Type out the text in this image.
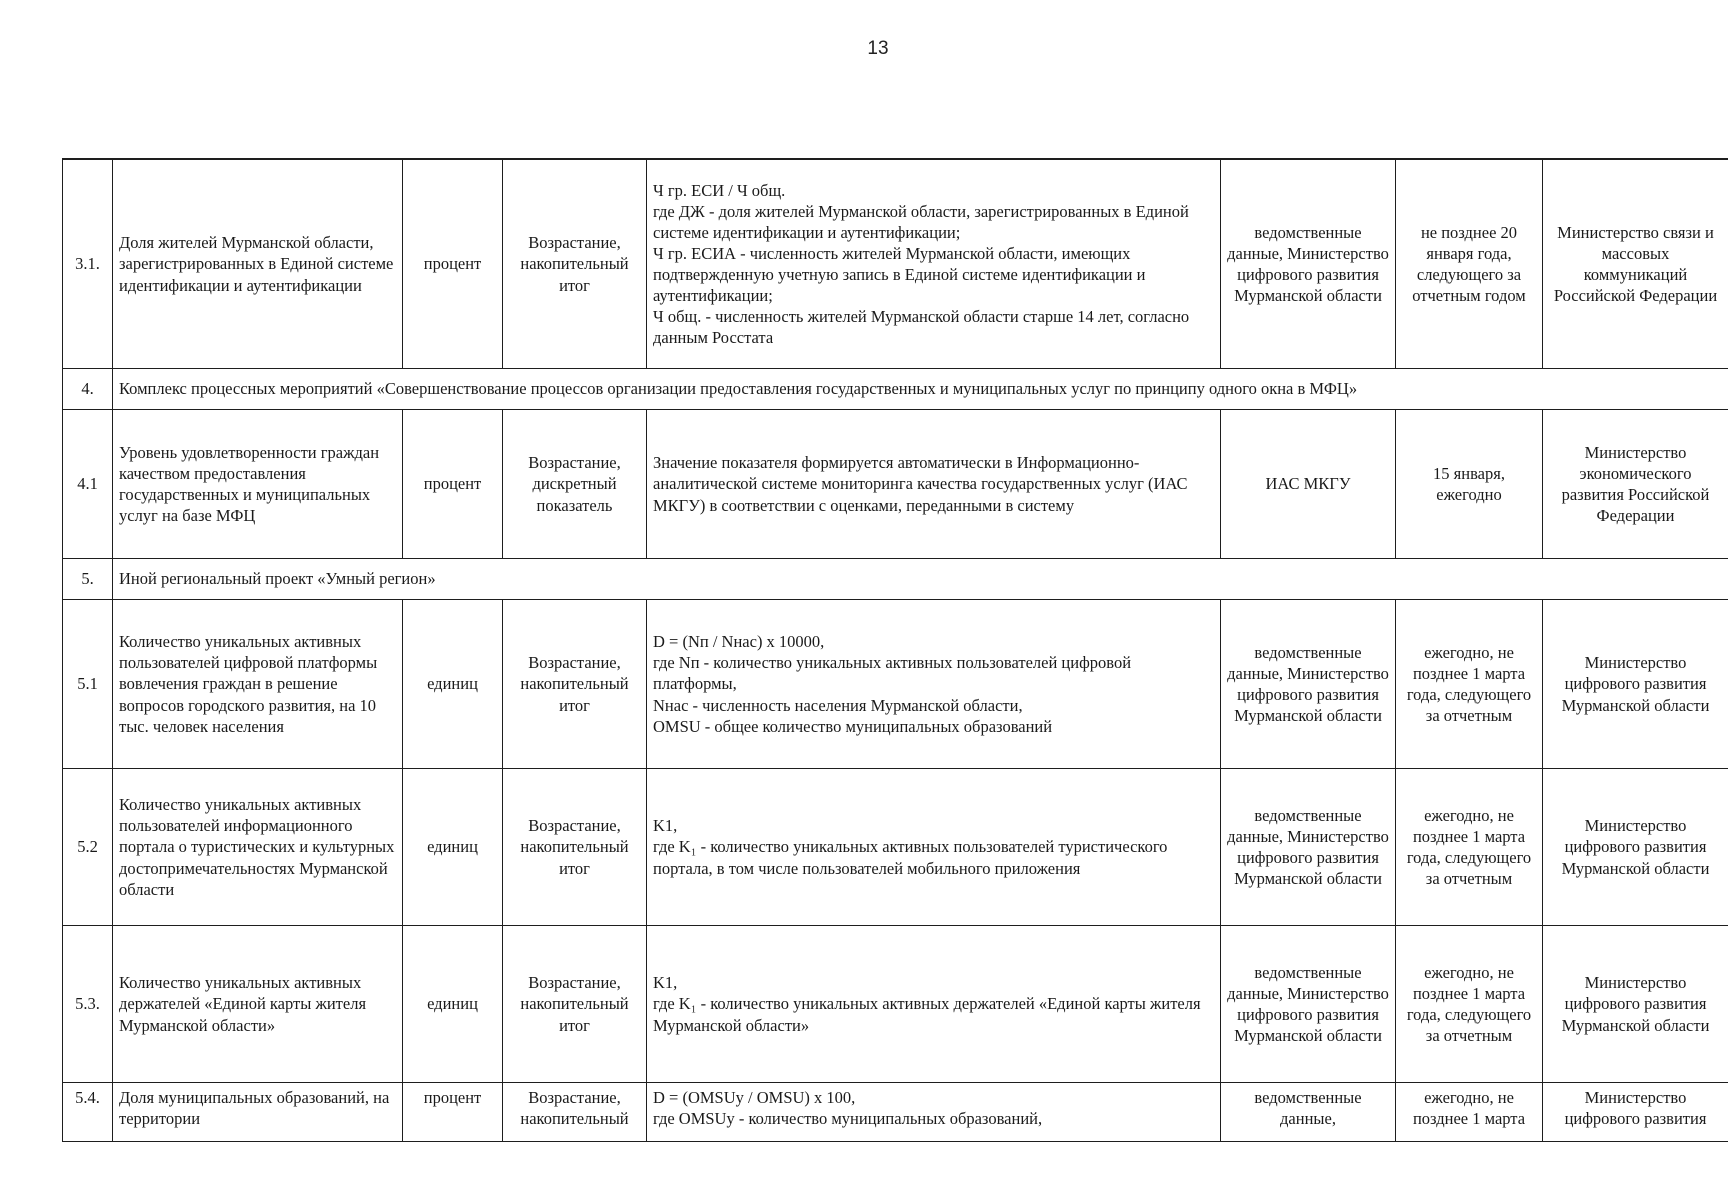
13
3.1.	Доля жителей Мурманской области, зарегистрированных в Единой системе идентификации и аутентификации	процент	Возрастание, накопительный итог	Ч гр. ЕСИ / Ч общ.
где ДЖ - доля жителей Мурманской области, зарегистрированных в Единой системе идентификации и аутентификации;
Ч гр. ЕСИА - численность жителей Мурманской области, имеющих подтвержденную учетную запись в Единой системе идентификации и аутентификации;
Ч общ. - численность жителей Мурманской области старше 14 лет, согласно данным Росстата	ведомственные данные, Министерство цифрового развития Мурманской области	не позднее 20 января года, следующего за отчетным годом	Министерство связи и массовых коммуникаций Российской Федерации
4.	Комплекс процессных мероприятий «Совершенствование процессов организации предоставления государственных и муниципальных услуг по принципу одного окна в МФЦ»						
4.1	Уровень удовлетворенности граждан качеством предоставления государственных и муниципальных услуг на базе МФЦ	процент	Возрастание, дискретный показатель	Значение показателя формируется автоматически в Информационно-аналитической системе мониторинга качества государственных услуг (ИАС МКГУ) в соответствии с оценками, переданными в систему	ИАС МКГУ	15 января, ежегодно	Министерство экономического развития Российской Федерации
5.	Иной региональный проект «Умный регион»						
5.1	Количество уникальных активных пользователей цифровой платформы вовлечения граждан в решение вопросов городского развития, на 10 тыс. человек населения	единиц	Возрастание, накопительный итог	D = (Nп / Nнас) x 10000,
где Nп - количество уникальных активных пользователей цифровой платформы,
Nнас - численность населения Мурманской области,
OMSU - общее количество муниципальных образований	ведомственные данные, Министерство цифрового развития Мурманской области	ежегодно, не позднее 1 марта года, следующего за отчетным	Министерство цифрового развития Мурманской области
5.2	Количество уникальных активных пользователей информационного портала о туристических и культурных достопримечательностях Мурманской области	единиц	Возрастание, накопительный итог	K1,
где K₁ - количество уникальных активных пользователей туристического портала, в том числе пользователей мобильного приложения	ведомственные данные, Министерство цифрового развития Мурманской области	ежегодно, не позднее 1 марта года, следующего за отчетным	Министерство цифрового развития Мурманской области
5.3.	Количество уникальных активных держателей «Единой карты жителя Мурманской области»	единиц	Возрастание, накопительный итог	K1,
где K₁ - количество уникальных активных держателей «Единой карты жителя Мурманской области»	ведомственные данные, Министерство цифрового развития Мурманской области	ежегодно, не позднее 1 марта года, следующего за отчетным	Министерство цифрового развития Мурманской области
5.4.	Доля муниципальных образований, на территории	процент	Возрастание, накопительный	D = (OMSUу / OMSU) x 100,
где OMSUу - количество муниципальных образований,	ведомственные данные,	ежегодно, не позднее 1 марта	Министерство цифрового развития
